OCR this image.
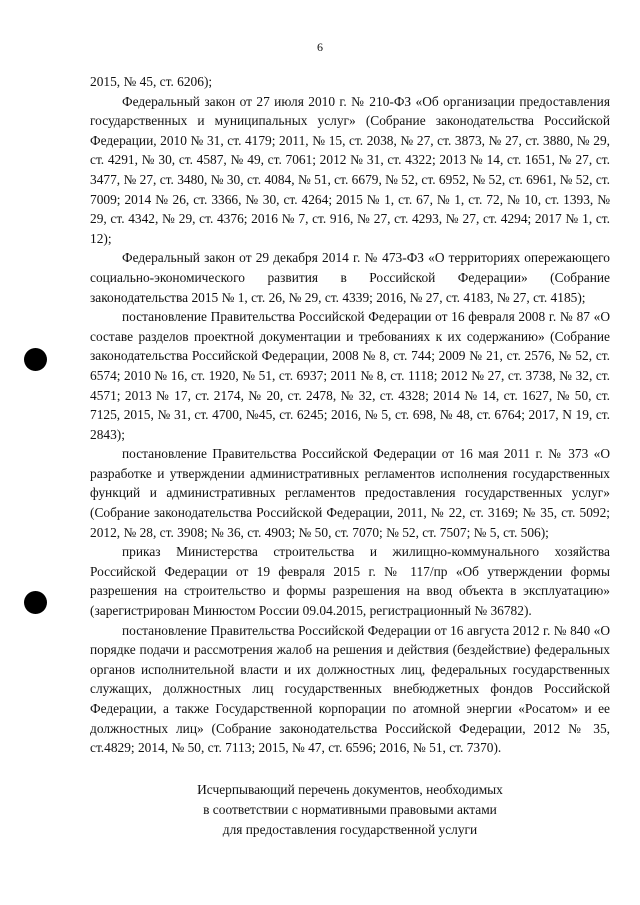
6

2015, № 45, ст. 6206);

Федеральный закон от 27 июля 2010 г. № 210-ФЗ «Об организации предоставления государственных и муниципальных услуг» (Собрание законодательства Российской Федерации, 2010 № 31, ст. 4179; 2011, № 15, ст. 2038, № 27, ст. 3873, № 27, ст. 3880, № 29, ст. 4291, № 30, ст. 4587, № 49, ст. 7061; 2012 № 31, ст. 4322; 2013 № 14, ст. 1651, № 27, ст. 3477, № 27, ст. 3480, № 30, ст. 4084, № 51, ст. 6679, № 52, ст. 6952, № 52, ст. 6961, № 52, ст. 7009; 2014 № 26, ст. 3366, № 30, ст. 4264; 2015 № 1, ст. 67, № 1, ст. 72, № 10, ст. 1393, № 29, ст. 4342, № 29, ст. 4376; 2016 № 7, ст. 916, № 27, ст. 4293, № 27, ст. 4294; 2017 № 1, ст. 12);

Федеральный закон от 29 декабря 2014 г. № 473-ФЗ «О территориях опережающего социально-экономического развития в Российской Федерации» (Собрание законодательства 2015 № 1, ст. 26, № 29, ст. 4339; 2016, № 27, ст. 4183, № 27, ст. 4185);

постановление Правительства Российской Федерации от 16 февраля 2008 г. № 87 «О составе разделов проектной документации и требованиях к их содержанию» (Собрание законодательства Российской Федерации, 2008 № 8, ст. 744; 2009 № 21, ст. 2576, № 52, ст. 6574; 2010 № 16, ст. 1920, № 51, ст. 6937; 2011 № 8, ст. 1118; 2012 № 27, ст. 3738, № 32, ст. 4571; 2013 № 17, ст. 2174, № 20, ст. 2478, № 32, ст. 4328; 2014 № 14, ст. 1627, № 50, ст. 7125, 2015, № 31, ст. 4700, №45, ст. 6245; 2016, № 5, ст. 698, № 48, ст. 6764; 2017, N 19, ст. 2843);

постановление Правительства Российской Федерации от 16 мая 2011 г. № 373 «О разработке и утверждении административных регламентов исполнения государственных функций и административных регламентов предоставления государственных услуг» (Собрание законодательства Российской Федерации, 2011, № 22, ст. 3169; № 35, ст. 5092; 2012, № 28, ст. 3908; № 36, ст. 4903; № 50, ст. 7070; № 52, ст. 7507; № 5, ст. 506);

приказ Министерства строительства и жилищно-коммунального хозяйства Российской Федерации от 19 февраля 2015 г. № 117/пр «Об утверждении формы разрешения на строительство и формы разрешения на ввод объекта в эксплуатацию» (зарегистрирован Минюстом России 09.04.2015, регистрационный № 36782).

постановление Правительства Российской Федерации от 16 августа 2012 г. № 840 «О порядке подачи и рассмотрения жалоб на решения и действия (бездействие) федеральных органов исполнительной власти и их должностных лиц, федеральных государственных служащих, должностных лиц государственных внебюджетных фондов Российской Федерации, а также Государственной корпорации по атомной энергии «Росатом» и ее должностных лиц» (Собрание законодательства Российской Федерации, 2012 № 35, ст.4829; 2014, № 50, ст. 7113; 2015, № 47, ст. 6596; 2016, № 51, ст. 7370).

Исчерпывающий перечень документов, необходимых
в соответствии с нормативными правовыми актами
для предоставления государственной услуги
